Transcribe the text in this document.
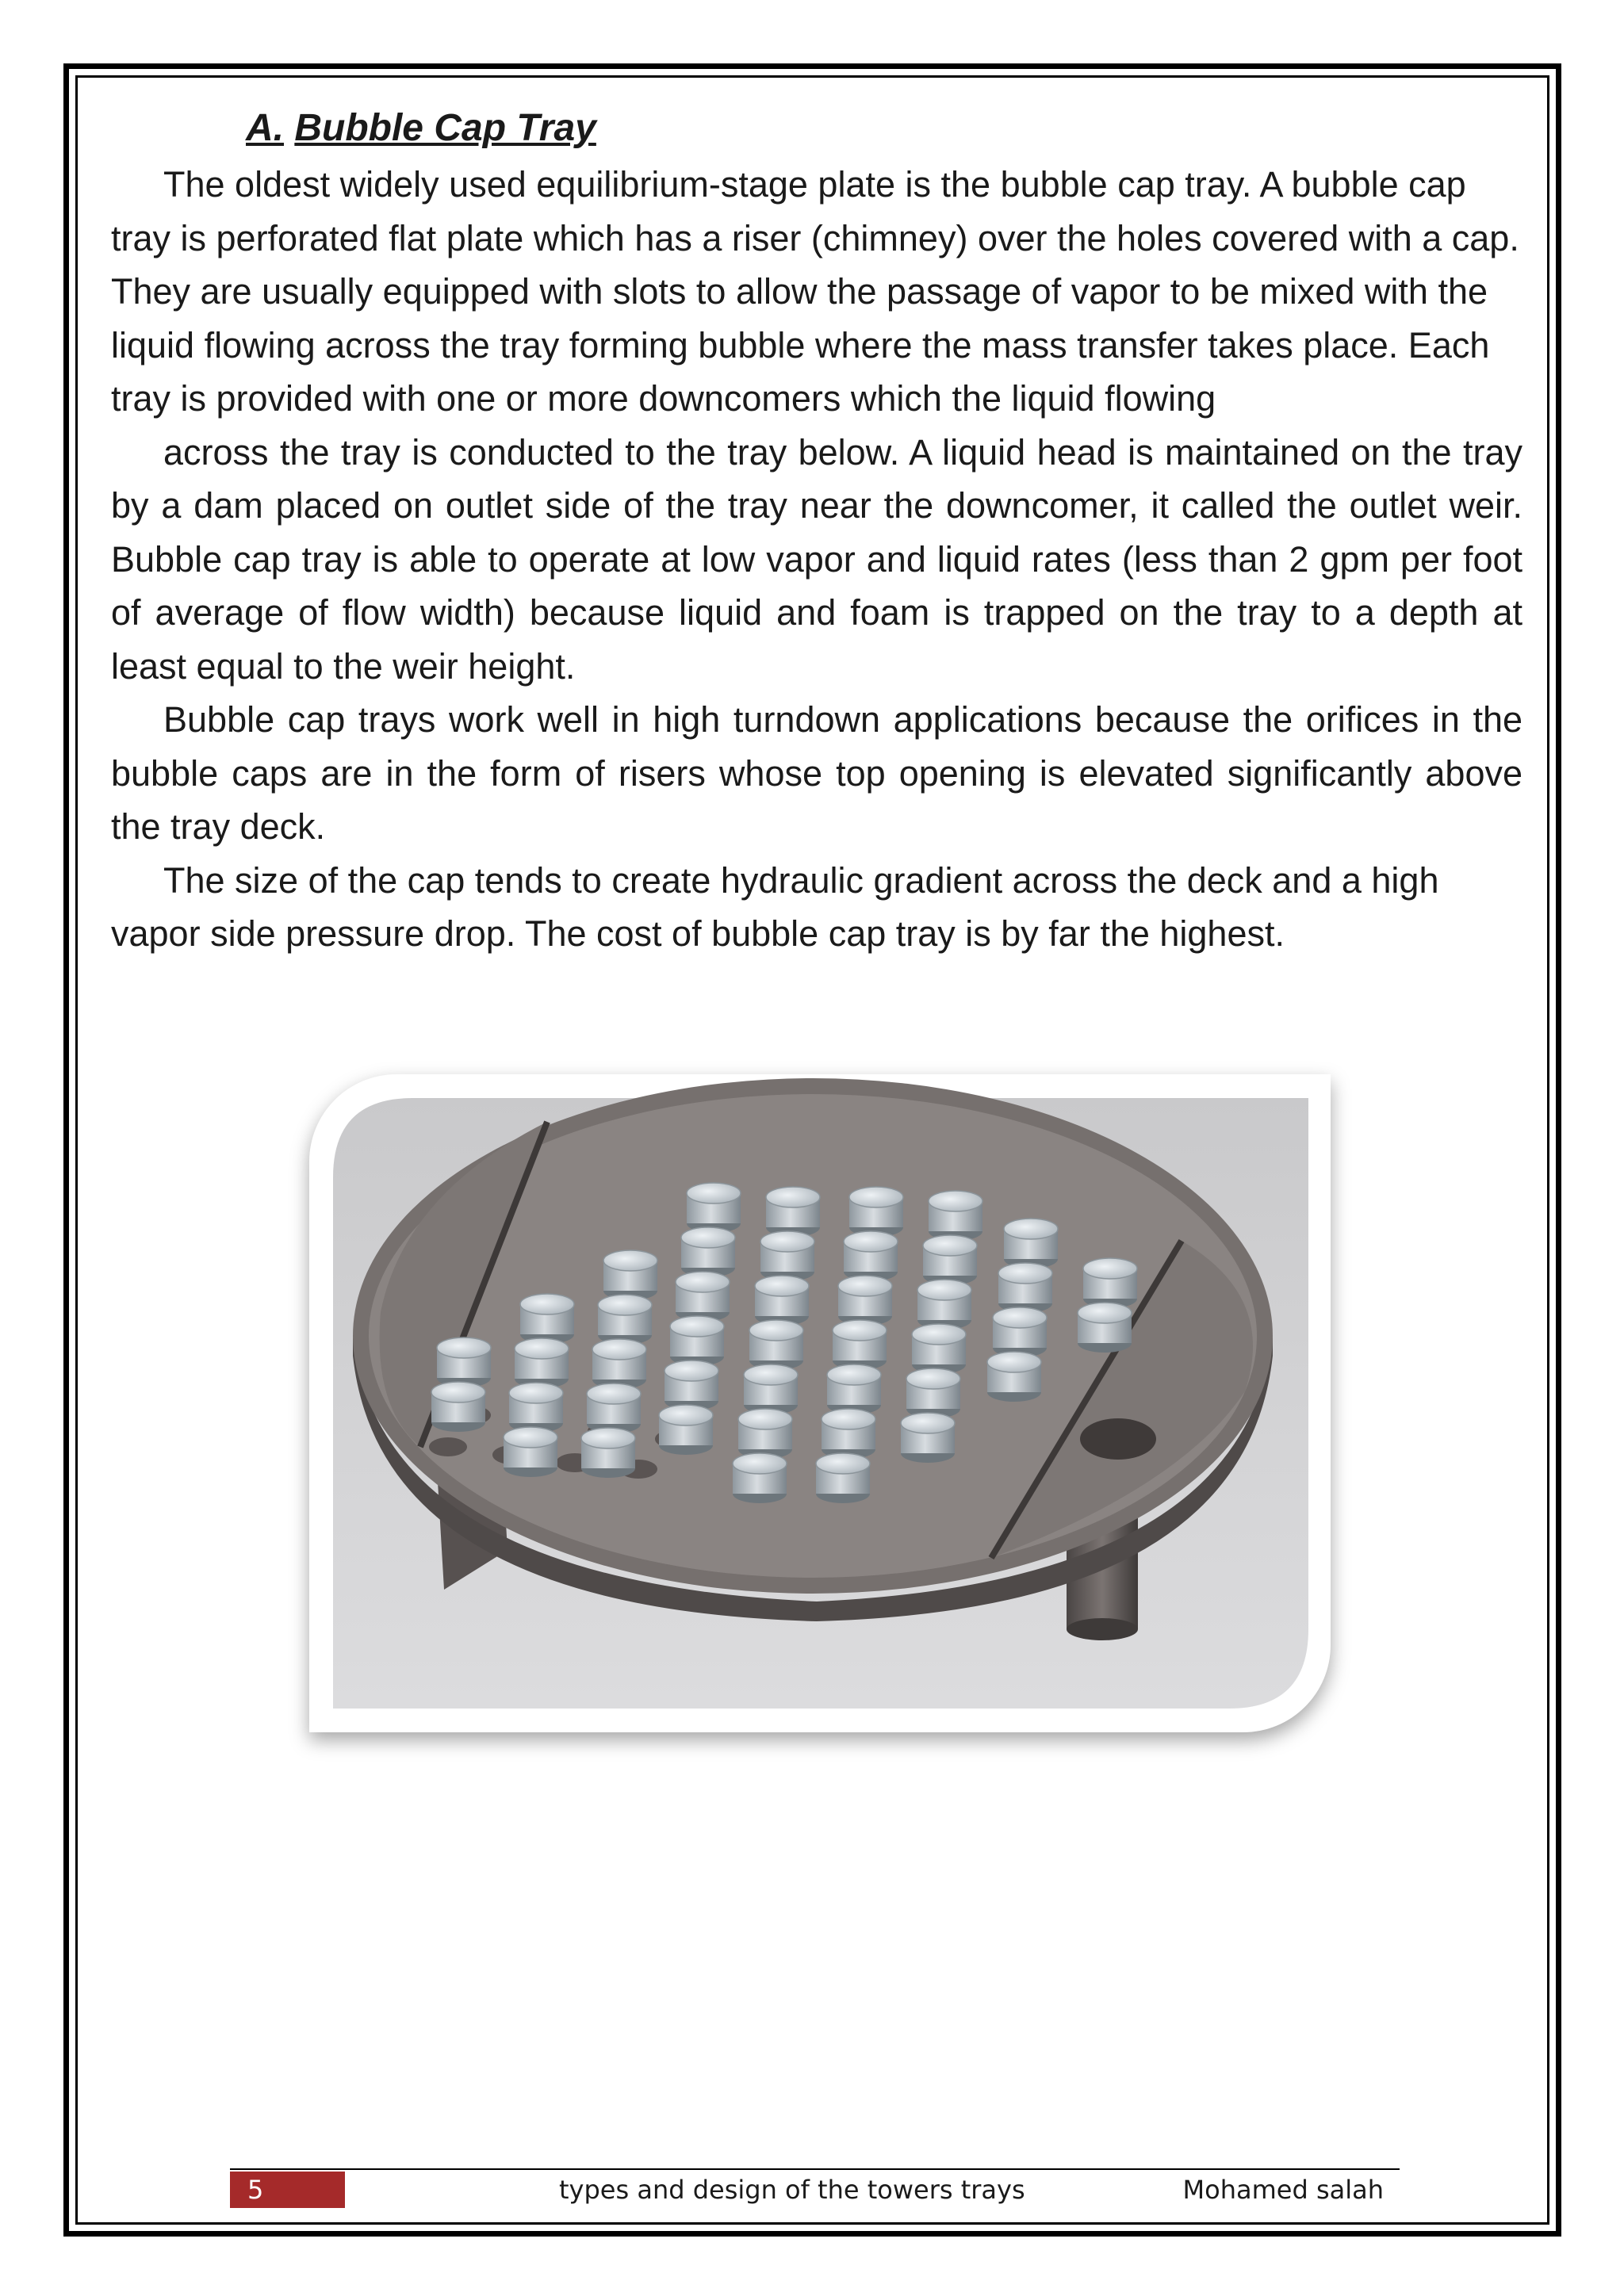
A. Bubble Cap Tray

The oldest widely used equilibrium-stage plate is the bubble cap tray. A bubble cap tray is perforated flat plate which has a riser (chimney) over the holes covered with a cap. They are usually equipped with slots to allow the passage of vapor to be mixed with the liquid flowing across the tray forming bubble where the mass transfer takes place. Each tray is provided with one or more downcomers which the liquid flowing

across the tray is conducted to the tray below. A liquid head is maintained on the tray by a dam placed on outlet side of the tray near the downcomer, it called the outlet weir. Bubble cap tray is able to operate at low vapor and liquid rates (less than 2 gpm per foot of average of flow width) because liquid and foam is trapped on the tray to a depth at least equal to the weir height.

Bubble cap trays work well in high turndown applications because the orifices in the bubble caps are in the form of risers whose top opening is elevated significantly above the tray deck.

The size of the cap tends to create hydraulic gradient across the deck and a high vapor side pressure drop. The cost of bubble cap tray is by far the highest.

5	types and design of the towers trays	Mohamed salah
